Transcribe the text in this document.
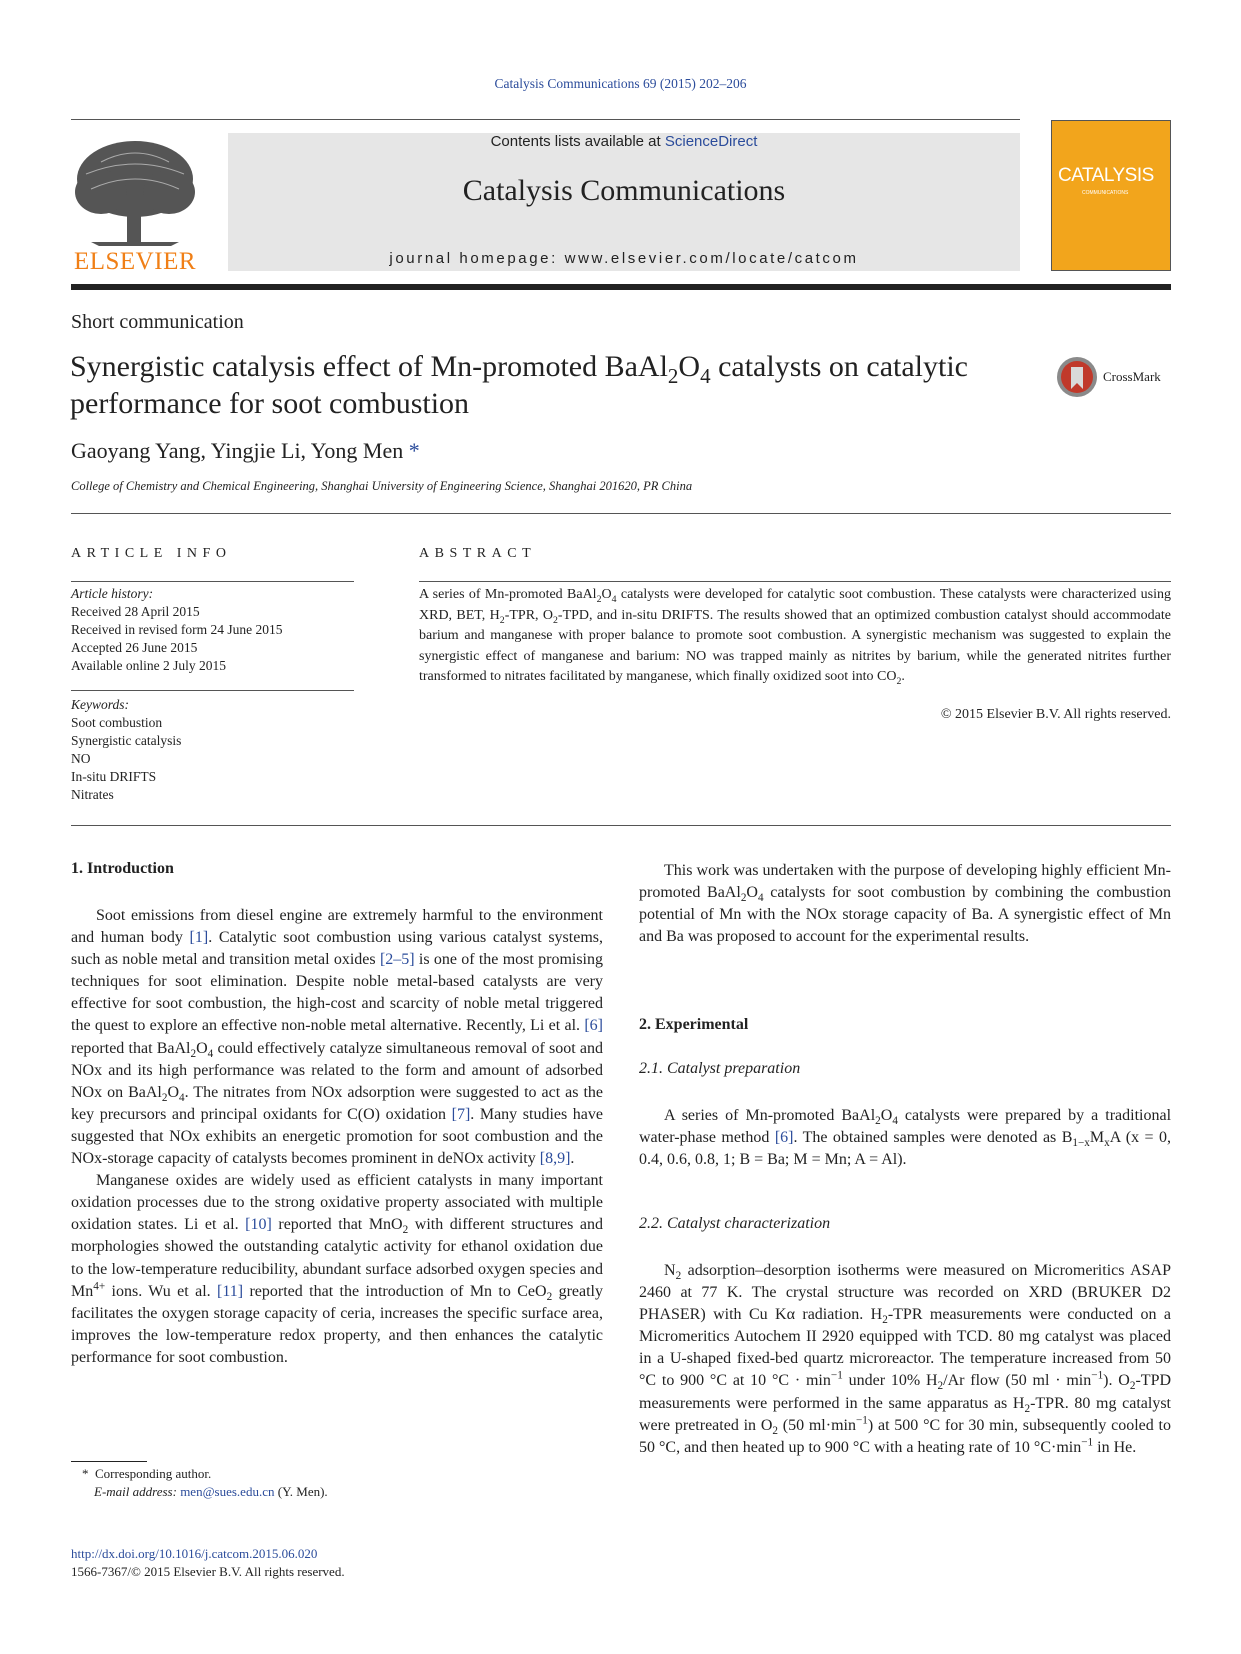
Catalysis Communications 69 (2015) 202–206
ELSEVIER
Contents lists available at ScienceDirect
Catalysis Communications
journal homepage: www.elsevier.com/locate/catcom
CATALYSIS
COMMUNICATIONS
Short communication
Synergistic catalysis effect of Mn-promoted $BaAl_2O_4$ catalysts on catalytic performance for soot combustion
CrossMark
Gaoyang Yang, Yingjie Li, Yong Men *
College of Chemistry and Chemical Engineering, Shanghai University of Engineering Science, Shanghai 201620, PR China
ARTICLE INFO	ABSTRACT
Article history:
Received 28 April 2015
Received in revised form 24 June 2015
Accepted 26 June 2015
Available online 2 July 2015
Keywords:
Soot combustion
Synergistic catalysis
NO
In-situ DRIFTS
Nitrates
A series of Mn-promoted $BaAl_2O_4$ catalysts were developed for catalytic soot combustion. These catalysts were characterized using XRD, BET, $H_2$-TPR, $O_2$-TPD, and in-situ DRIFTS. The results showed that an optimized combustion catalyst should accommodate barium and manganese with proper balance to promote soot combustion. A synergistic mechanism was suggested to explain the synergistic effect of manganese and barium: NO was trapped mainly as nitrites by barium, while the generated nitrites further transformed to nitrates facilitated by manganese, which finally oxidized soot into $CO_2$.
© 2015 Elsevier B.V. All rights reserved.
1. Introduction

Soot emissions from diesel engine are extremely harmful to the environment and human body [1]. Catalytic soot combustion using various catalyst systems, such as noble metal and transition metal oxides [2–5] is one of the most promising techniques for soot elimination. Despite noble metal-based catalysts are very effective for soot combustion, the high-cost and scarcity of noble metal triggered the quest to explore an effective non-noble metal alternative. Recently, Li et al. [6] reported that $BaAl_2O_4$ could effectively catalyze simultaneous removal of soot and NOx and its high performance was related to the form and amount of adsorbed NOx on $BaAl_2O_4$. The nitrates from NOx adsorption were suggested to act as the key precursors and principal oxidants for C(O) oxidation [7]. Many studies have suggested that NOx exhibits an energetic promotion for soot combustion and the NOx-storage capacity of catalysts becomes prominent in deNOx activity [8,9].

Manganese oxides are widely used as efficient catalysts in many important oxidation processes due to the strong oxidative property associated with multiple oxidation states. Li et al. [10] reported that MnO$_2$ with different structures and morphologies showed the outstanding catalytic activity for ethanol oxidation due to the low-temperature reducibility, abundant surface adsorbed oxygen species and $Mn^{4+}$ ions. Wu et al. [11] reported that the introduction of Mn to CeO$_2$ greatly facilitates the oxygen storage capacity of ceria, increases the specific surface area, improves the low-temperature redox property, and then enhances the catalytic performance for soot combustion.

This work was undertaken with the purpose of developing highly efficient Mn-promoted $BaAl_2O_4$ catalysts for soot combustion by combining the combustion potential of Mn with the NOx storage capacity of Ba. A synergistic effect of Mn and Ba was proposed to account for the experimental results.

2. Experimental
2.1. Catalyst preparation

A series of Mn-promoted $BaAl_2O_4$ catalysts were prepared by a traditional water-phase method [6]. The obtained samples were denoted as $B_{1-x}M_xA$ (x = 0, 0.4, 0.6, 0.8, 1; B = Ba; M = Mn; A = Al).

2.2. Catalyst characterization

$N_2$ adsorption–desorption isotherms were measured on Micromeritics ASAP 2460 at 77 K. The crystal structure was recorded on XRD (BRUKER D2 PHASER) with Cu Kα radiation. $H_2$-TPR measurements were conducted on a Micromeritics Autochem II 2920 equipped with TCD. 80 mg catalyst was placed in a U-shaped fixed-bed quartz microreactor. The temperature increased from 50 °C to 900 °C at 10 $^\circ C \cdot \min^{-1}$ under 10% $H_2/Ar$ flow (50 ml · $\min^{-1}$). $O_2$-TPD measurements were performed in the same apparatus as $H_2$-TPR. 80 mg catalyst were pretreated in $O_2$ (50 $ml\cdot\min^{-1}$) at 500 °C for 30 min, subsequently cooled to 50 °C, and then heated up to 900 °C with a heating rate of 10 $^\circ C\cdot\min^{-1}$ in He.

* Corresponding author.
E-mail address: men@sues.edu.cn (Y. Men).
http://dx.doi.org/10.1016/j.catcom.2015.06.020
1566-7367/© 2015 Elsevier B.V. All rights reserved.
